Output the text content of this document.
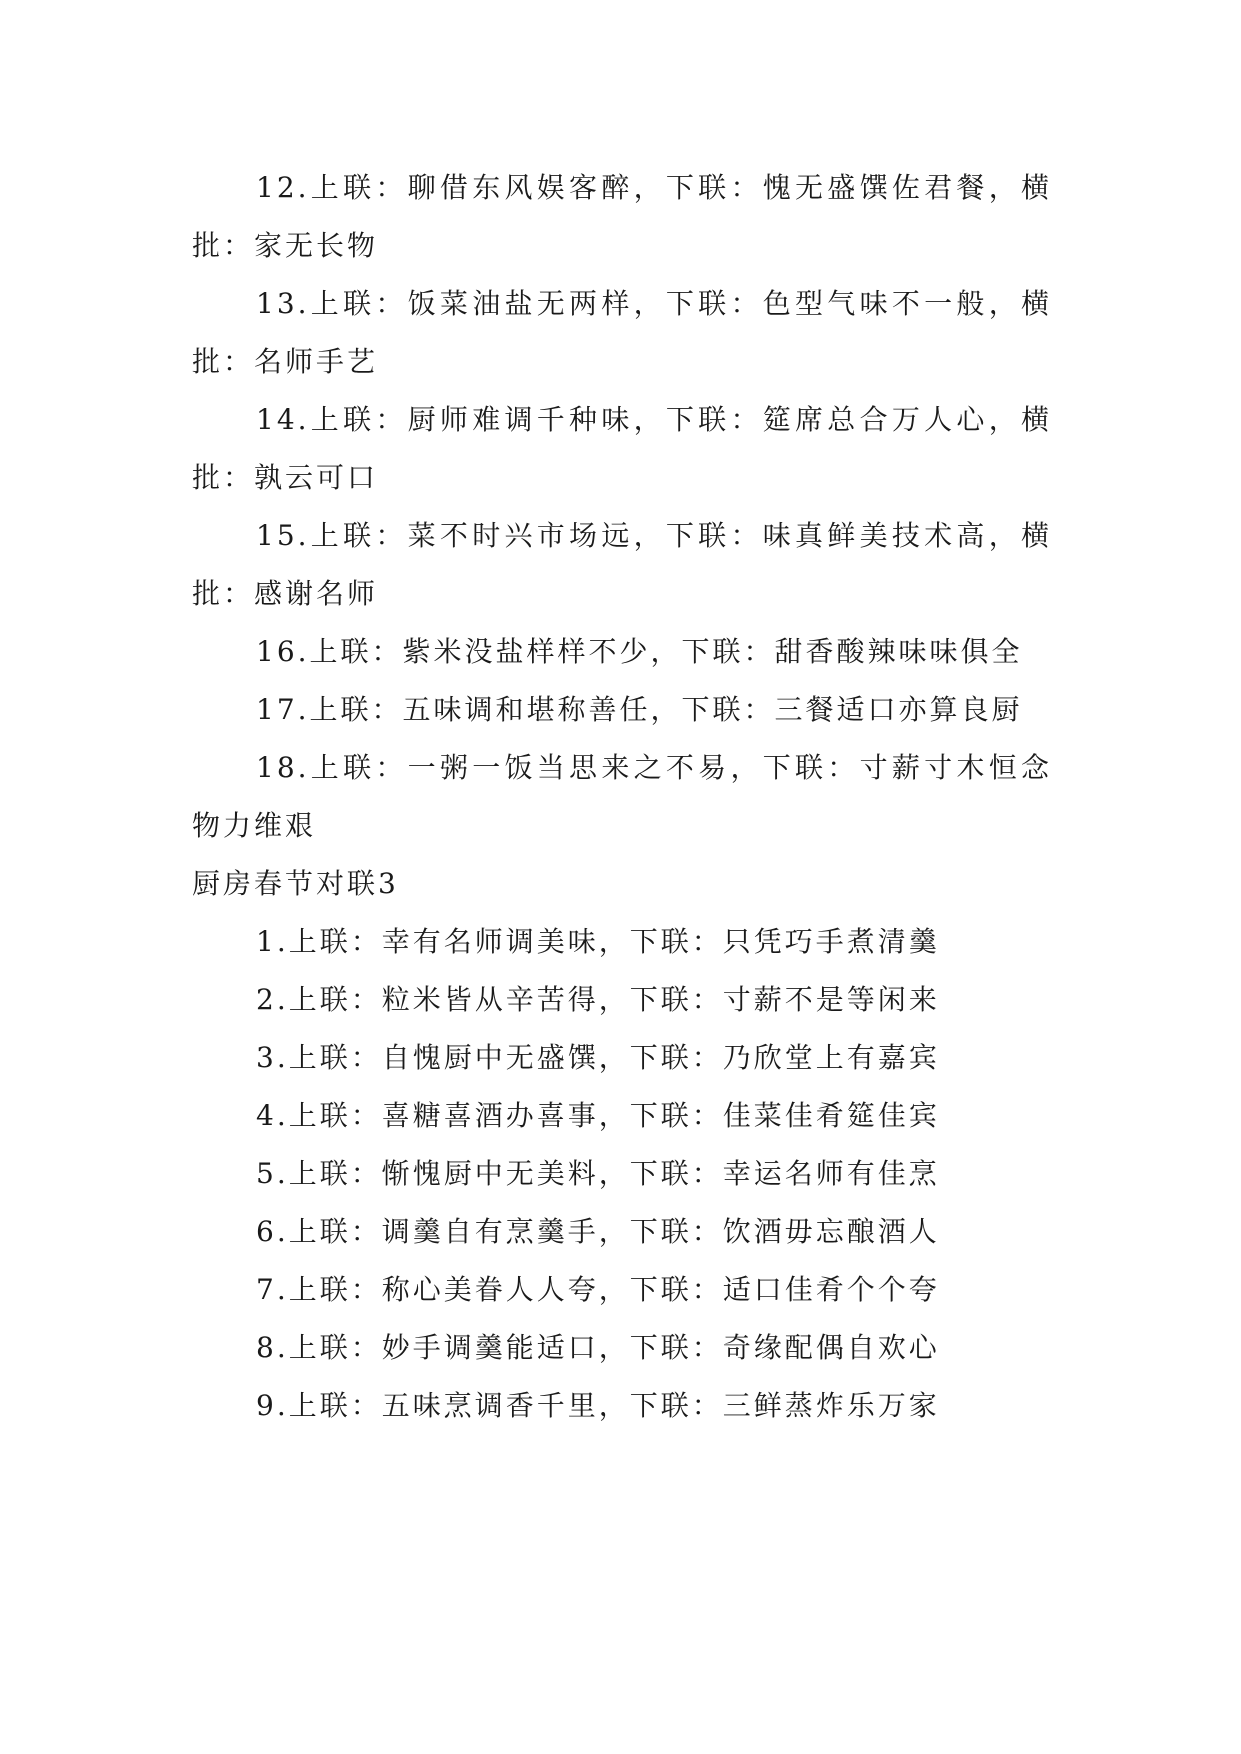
12.上联：聊借东风娱客醉，下联：愧无盛馔佐君餐，横批：家无长物

13.上联：饭菜油盐无两样，下联：色型气味不一般，横批：名师手艺

14.上联：厨师难调千种味，下联：筵席总合万人心，横批：孰云可口

15.上联：菜不时兴市场远，下联：味真鲜美技术高，横批：感谢名师

16.上联：紫米没盐样样不少，下联：甜香酸辣味味俱全

17.上联：五味调和堪称善任，下联：三餐适口亦算良厨

18.上联：一粥一饭当思来之不易，下联：寸薪寸木恒念物力维艰

厨房春节对联3

1.上联：幸有名师调美味，下联：只凭巧手煮清羹

2.上联：粒米皆从辛苦得，下联：寸薪不是等闲来

3.上联：自愧厨中无盛馔，下联：乃欣堂上有嘉宾

4.上联：喜糖喜酒办喜事，下联：佳菜佳肴筵佳宾

5.上联：惭愧厨中无美料，下联：幸运名师有佳烹

6.上联：调羹自有烹羹手，下联：饮酒毋忘酿酒人

7.上联：称心美眷人人夸，下联：适口佳肴个个夸

8.上联：妙手调羹能适口，下联：奇缘配偶自欢心

9.上联：五味烹调香千里，下联：三鲜蒸炸乐万家
